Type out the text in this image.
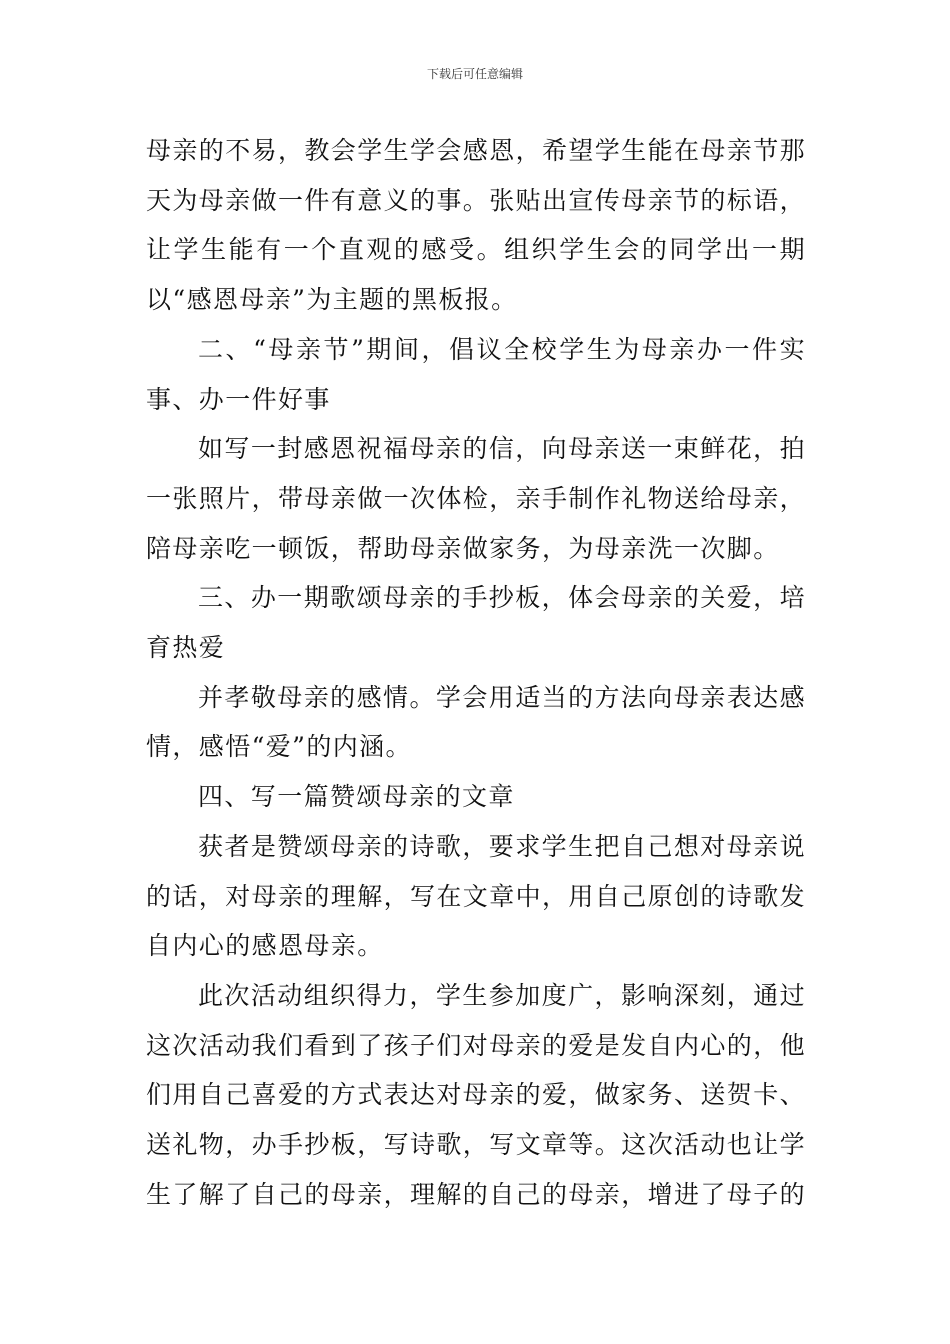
下载后可任意编辑

母亲的不易，教会学生学会感恩，希望学生能在母亲节那天为母亲做一件有意义的事。张贴出宣传母亲节的标语，让学生能有一个直观的感受。组织学生会的同学出一期以“感恩母亲”为主题的黑板报。

二、“母亲节”期间，倡议全校学生为母亲办一件实事、办一件好事

如写一封感恩祝福母亲的信，向母亲送一束鲜花，拍一张照片，带母亲做一次体检，亲手制作礼物送给母亲，陪母亲吃一顿饭，帮助母亲做家务，为母亲洗一次脚。

三、办一期歌颂母亲的手抄板，体会母亲的关爱，培育热爱

并孝敬母亲的感情。学会用适当的方法向母亲表达感情，感悟“爱”的内涵。

四、写一篇赞颂母亲的文章

获者是赞颂母亲的诗歌，要求学生把自己想对母亲说的话，对母亲的理解，写在文章中，用自己原创的诗歌发自内心的感恩母亲。

此次活动组织得力，学生参加度广，影响深刻，通过这次活动我们看到了孩子们对母亲的爱是发自内心的，他们用自己喜爱的方式表达对母亲的爱，做家务、送贺卡、送礼物，办手抄板，写诗歌，写文章等。这次活动也让学生了解了自己的母亲，理解的自己的母亲，增进了母子的
